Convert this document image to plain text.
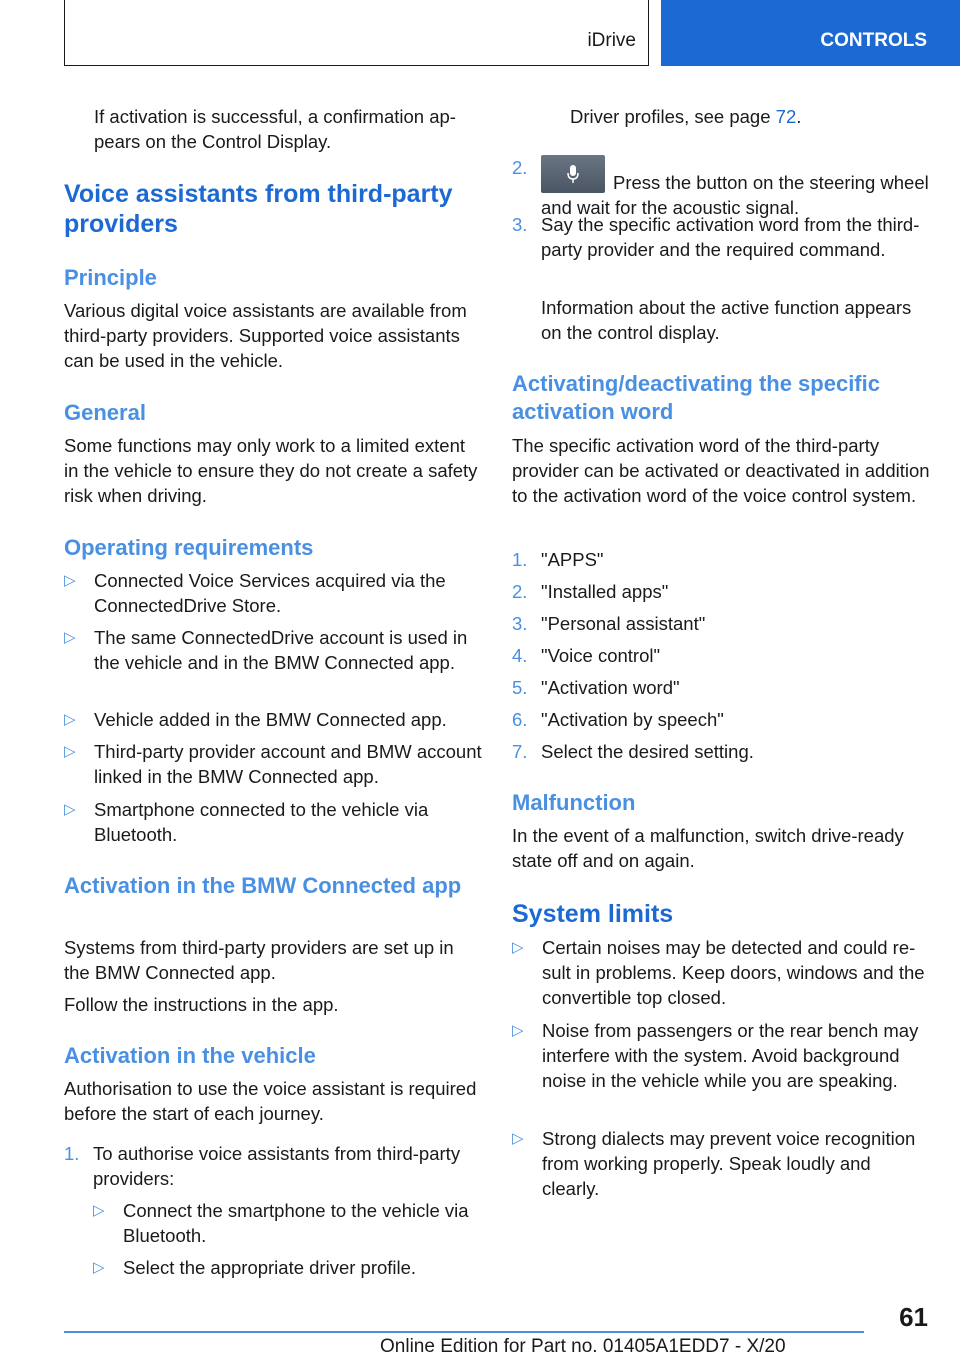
iDrive	CONTROLS

If activation is successful, a confirmation appears on the Control Display.

Voice assistants from third-party providers
Principle

Various digital voice assistants are available from third-party providers. Supported voice assistants can be used in the vehicle.

General

Some functions may only work to a limited extent in the vehicle to ensure they do not create a safety risk when driving.

Operating requirements
▷ Connected Voice Services acquired via the ConnectedDrive Store.
▷ The same ConnectedDrive account is used in the vehicle and in the BMW Connected app.
▷ Vehicle added in the BMW Connected app.
▷ Third-party provider account and BMW account linked in the BMW Connected app.
▷ Smartphone connected to the vehicle via Bluetooth.
Activation in the BMW Connected app

Systems from third-party providers are set up in the BMW Connected app.

Follow the instructions in the app.

Activation in the vehicle

Authorisation to use the voice assistant is required before the start of each journey.

1. To authorise voice assistants from third-party providers:
▷ Connect the smartphone to the vehicle via Bluetooth.
▷ Select the appropriate driver profile.

Driver profiles, see page 72.

2.
Press the button on the steering wheel and wait for the acoustic signal.
3. Say the specific activation word from the third-party provider and the required command.

Information about the active function appears on the control display.

Activating/deactivating the specific activation word

The specific activation word of the third-party provider can be activated or deactivated in addition to the activation word of the voice control system.

1. "APPS"
2. "Installed apps"
3. "Personal assistant"
4. "Voice control"
5. "Activation word"
6. "Activation by speech"
7. Select the desired setting.
Malfunction

In the event of a malfunction, switch drive-ready state off and on again.

System limits
▷ Certain noises may be detected and could result in problems. Keep doors, windows and the convertible top closed.
▷ Noise from passengers or the rear bench may interfere with the system. Avoid background noise in the vehicle while you are speaking.
▷ Strong dialects may prevent voice recognition from working properly. Speak loudly and clearly.
61
Online Edition for Part no. 01405A1EDD7 - X/20
